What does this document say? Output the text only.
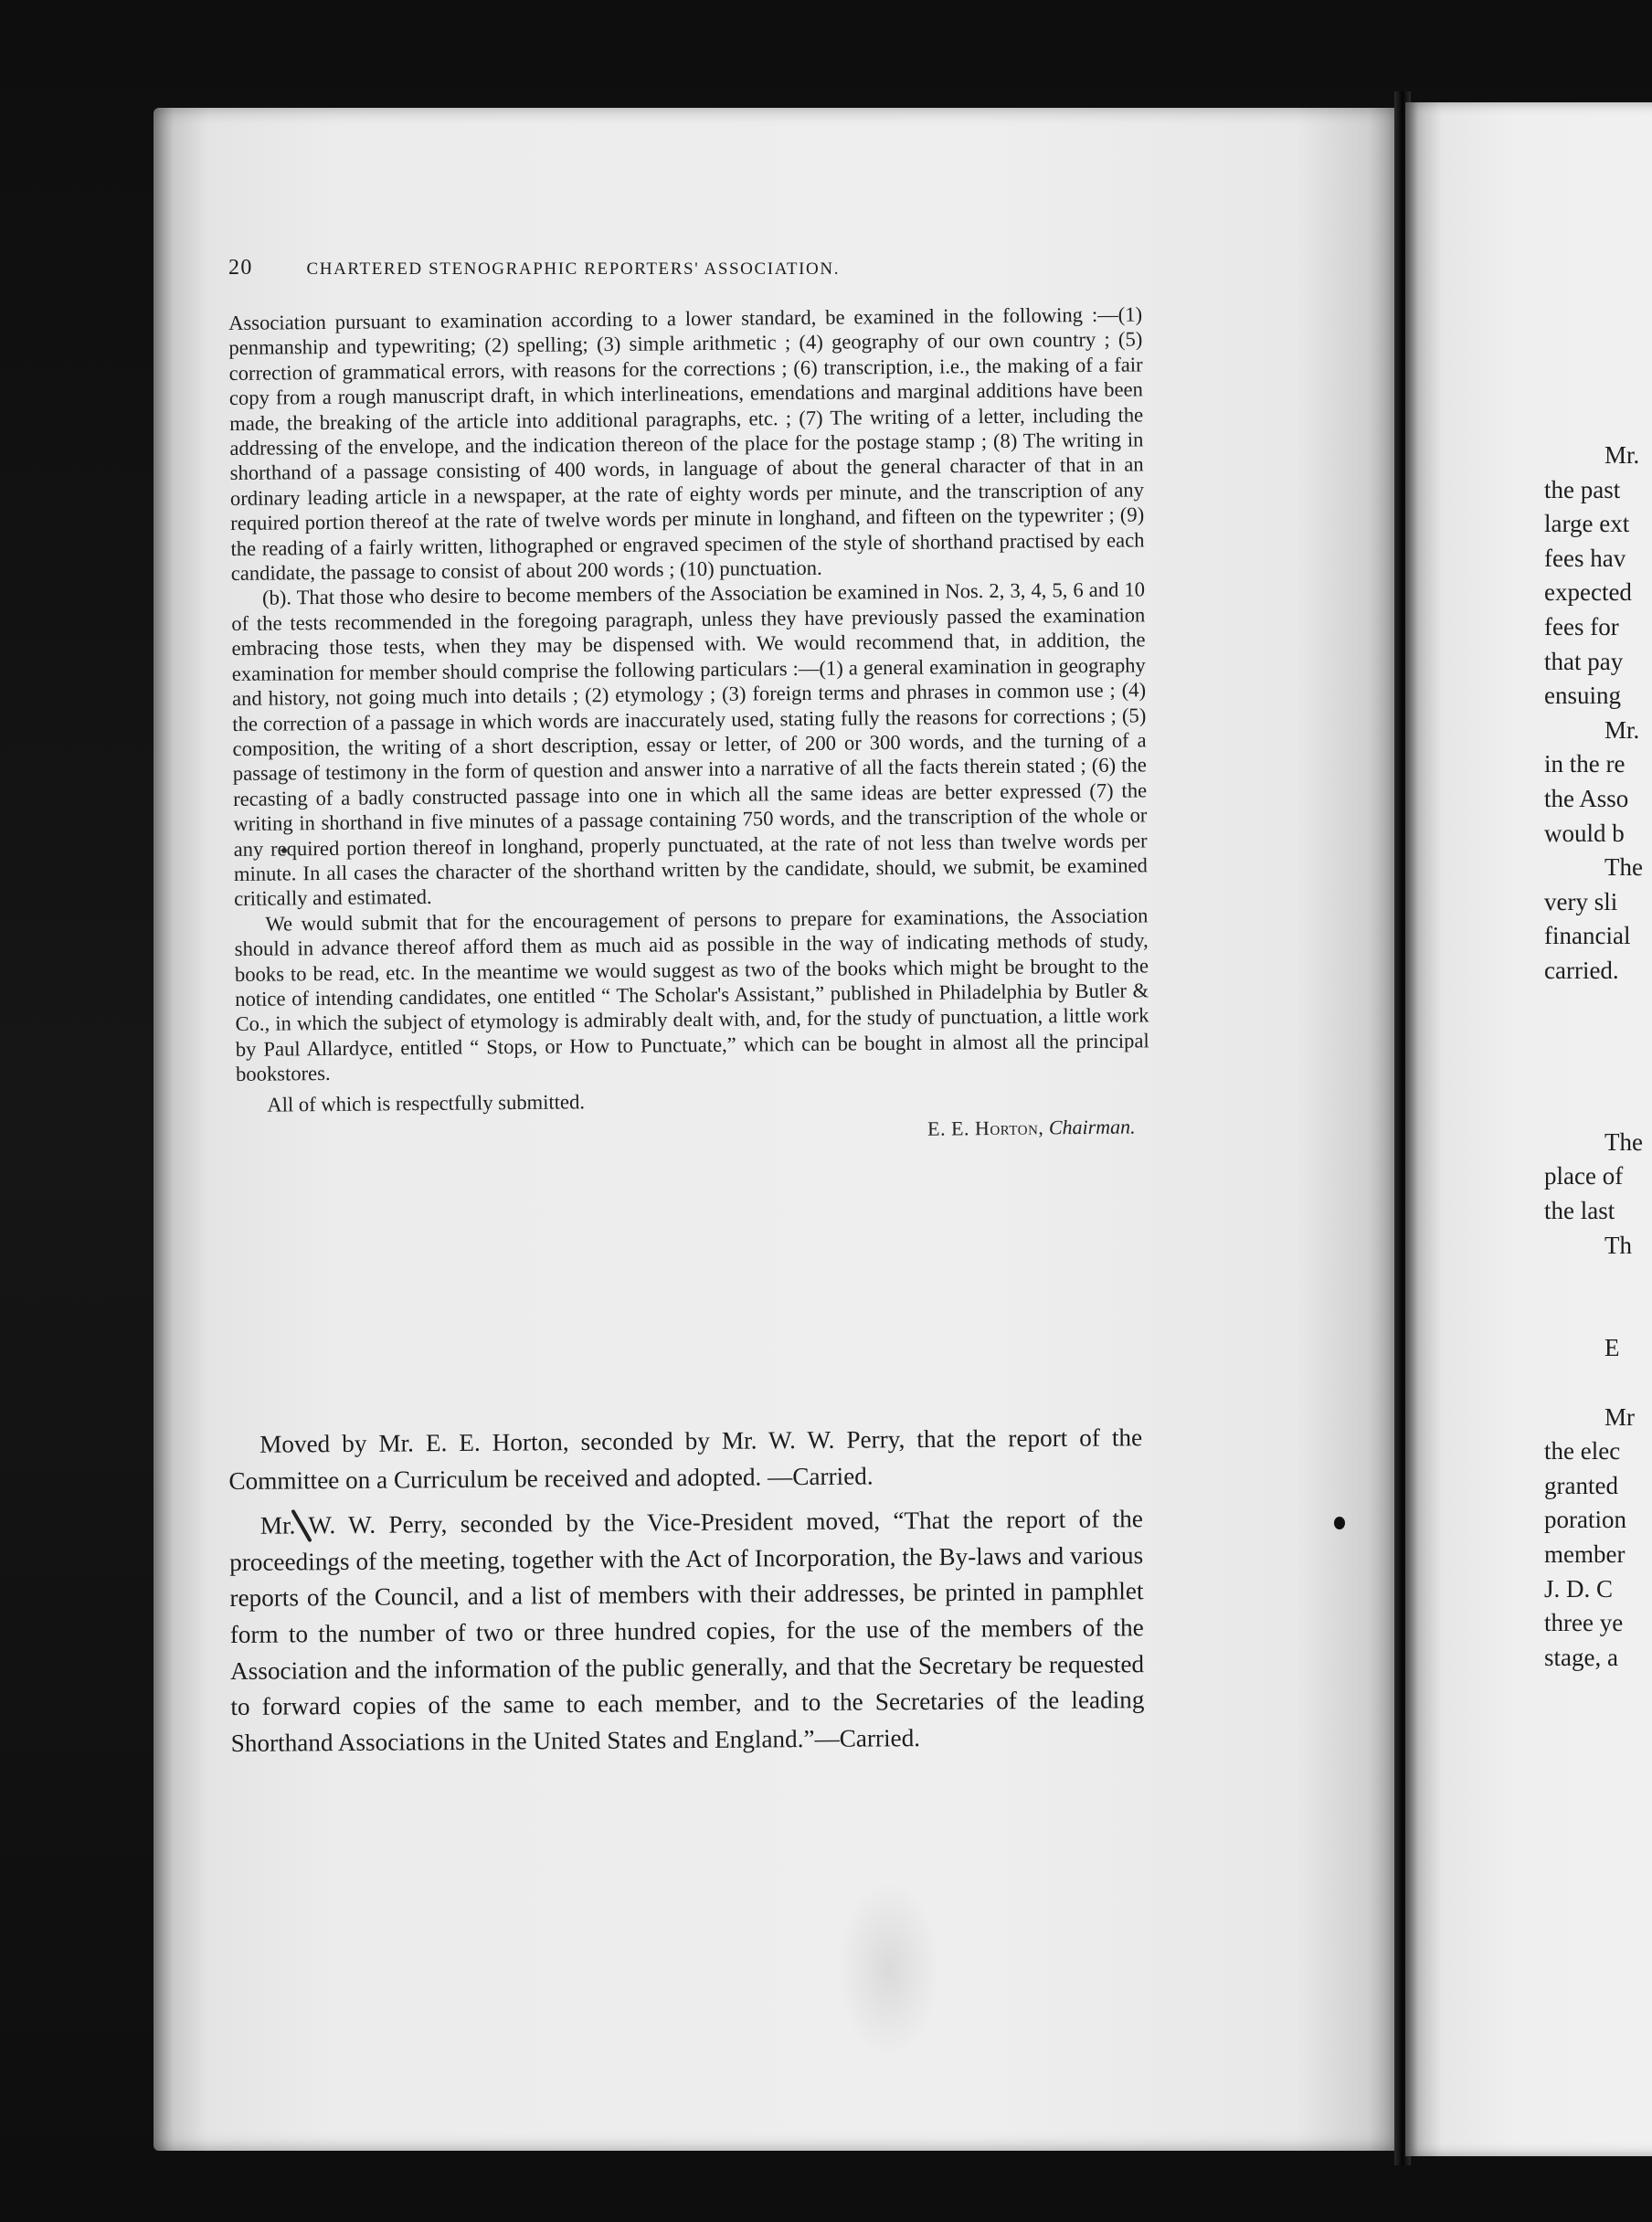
20	CHARTERED STENOGRAPHIC REPORTERS' ASSOCIATION.

Association pursuant to examination according to a lower standard, be examined in the following :—(1) penmanship and typewriting; (2) spelling; (3) simple arithmetic ; (4) geography of our own country ; (5) correction of grammatical errors, with reasons for the corrections ; (6) transcription, i.e., the making of a fair copy from a rough manuscript draft, in which interlineations, emendations and marginal additions have been made, the breaking of the article into additional paragraphs, etc. ; (7) The writing of a letter, including the addressing of the envelope, and the indication thereon of the place for the postage stamp ; (8) The writing in shorthand of a passage consisting of 400 words, in language of about the general character of that in an ordinary leading article in a newspaper, at the rate of eighty words per minute, and the transcription of any required portion thereof at the rate of twelve words per minute in longhand, and fifteen on the typewriter ; (9) the reading of a fairly written, lithographed or engraved specimen of the style of shorthand practised by each candidate, the passage to consist of about 200 words ; (10) punctuation.

(b). That those who desire to become members of the Association be examined in Nos. 2, 3, 4, 5, 6 and 10 of the tests recommended in the foregoing paragraph, unless they have previously passed the examination embracing those tests, when they may be dispensed with. We would recommend that, in addition, the examination for member should comprise the following particulars :—(1) a general examination in geography and history, not going much into details ; (2) etymology ; (3) foreign terms and phrases in common use ; (4) the correction of a passage in which words are inaccurately used, stating fully the reasons for corrections ; (5) composition, the writing of a short description, essay or letter, of 200 or 300 words, and the turning of a passage of testimony in the form of question and answer into a narrative of all the facts therein stated ; (6) the recasting of a badly constructed passage into one in which all the same ideas are better expressed (7) the writing in shorthand in five minutes of a passage containing 750 words, and the transcription of the whole or any required portion thereof in longhand, properly punctuated, at the rate of not less than twelve words per minute. In all cases the character of the shorthand written by the candidate, should, we submit, be examined critically and estimated.

We would submit that for the encouragement of persons to prepare for examinations, the Association should in advance thereof afford them as much aid as possible in the way of indicating methods of study, books to be read, etc. In the meantime we would suggest as two of the books which might be brought to the notice of intending candidates, one entitled “ The Scholar's Assistant,” published in Philadelphia by Butler & Co., in which the subject of etymology is admirably dealt with, and, for the study of punctuation, a little work by Paul Allardyce, entitled “ Stops, or How to Punctuate,” which can be bought in almost all the principal bookstores.

All of which is respectfully submitted.

E. E. Horton, Chairman.

Moved by Mr. E. E. Horton, seconded by Mr. W. W. Perry, that the report of the Committee on a Curriculum be received and adopted. —Carried.

Mr. W. W. Perry, seconded by the Vice-President moved, “That the report of the proceedings of the meeting, together with the Act of Incorporation, the By-laws and various reports of the Council, and a list of members with their addresses, be printed in pamphlet form to the number of two or three hundred copies, for the use of the members of the Association and the information of the public generally, and that the Secretary be requested to forward copies of the same to each member, and to the Secretaries of the leading Shorthand Associations in the United States and England.”—Carried.

Mr.
the past
large ext
fees hav
expected
fees for
that pay
ensuing
Mr.
in the re
the Asso
would b
The
very sli
financial
carried.
The
place of
the last
Th
E
Mr
the elec
granted
poration
member
J. D. C
three ye
stage, a
